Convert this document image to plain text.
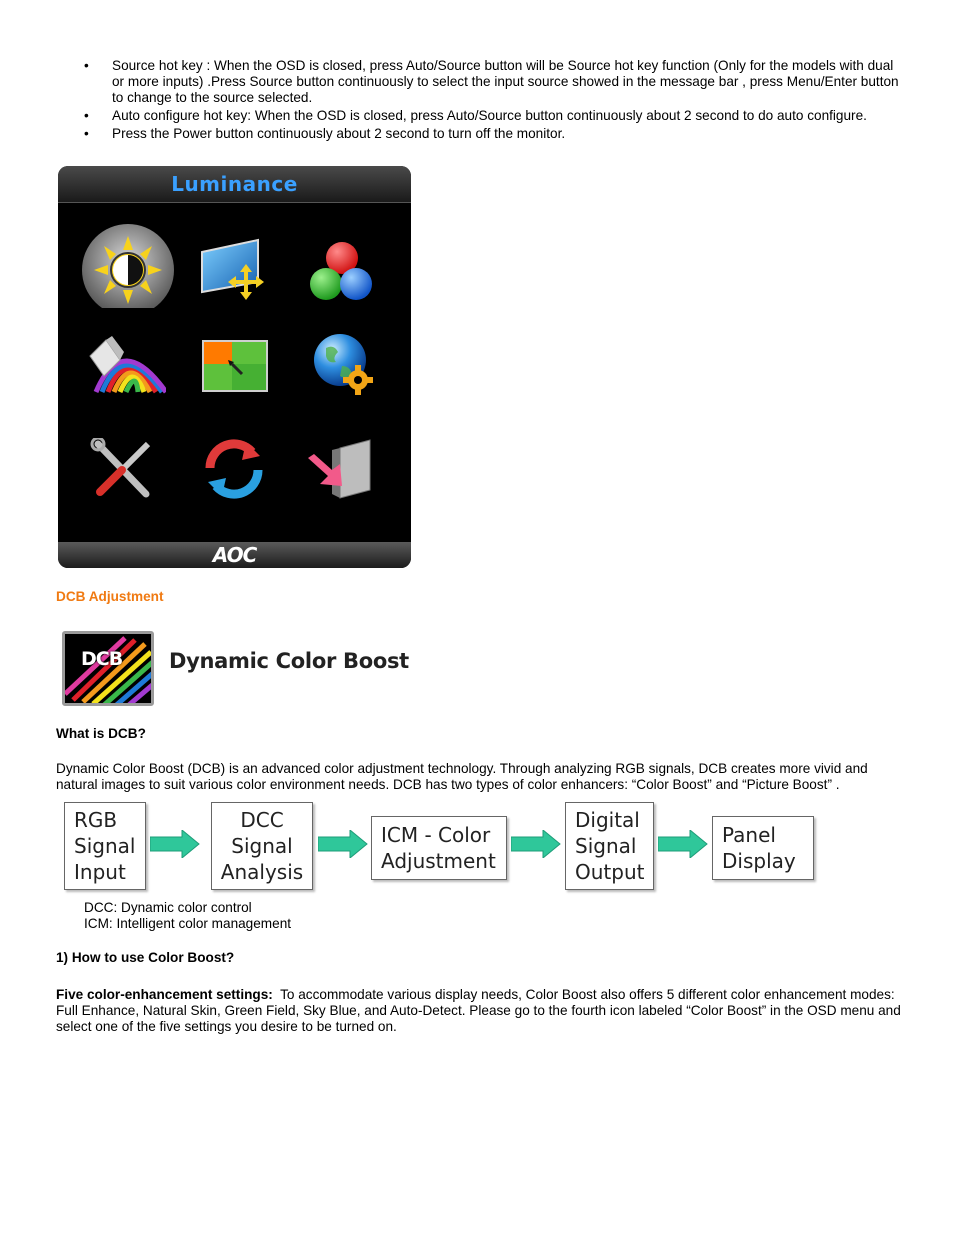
• Source hot key : When the OSD is closed, press Auto/Source button will be Source hot key function (Only for the models with dual or more inputs) .Press Source button continuously to select the input source showed in the message bar , press Menu/Enter button to change to the source selected.
• Auto configure hot key: When the OSD is closed, press Auto/Source button continuously about 2 second to do auto configure.
• Press the Power button continuously about 2 second to turn off the monitor.
Luminance
AOC
DCB Adjustment
DCB Dynamic Color Boost
What is DCB?
Dynamic Color Boost (DCB) is an advanced color adjustment technology. Through analyzing RGB signals, DCB creates more vivid and natural images to suit various color environment needs. DCB has two types of color enhancers: “Color Boost” and “Picture Boost” .
RGB
Signal
Input
DCC
Signal
Analysis
ICM - Color
Adjustment
Digital
Signal
Output
Panel
Display
DCC: Dynamic color control
ICM: Intelligent color management
1) How to use Color Boost?
Five color-enhancement settings:  To accommodate various display needs, Color Boost also offers 5 different color enhancement modes: Full Enhance, Natural Skin, Green Field, Sky Blue, and Auto-Detect. Please go to the fourth icon labeled “Color Boost” in the OSD menu and select one of the five settings you desire to be turned on.
